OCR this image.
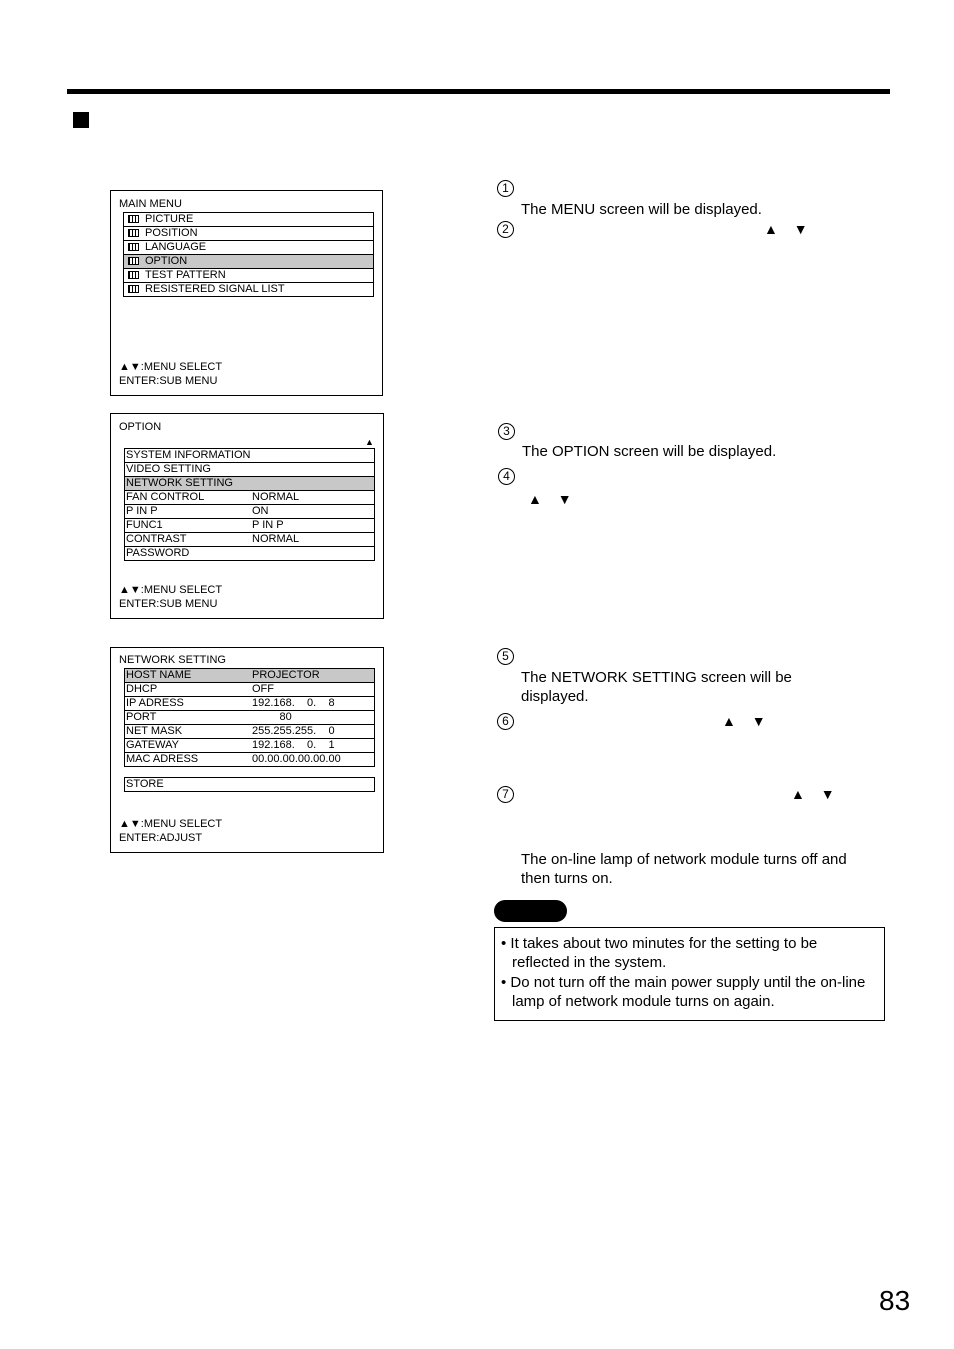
MAIN MENU
PICTURE
POSITION
LANGUAGE
OPTION
TEST PATTERN
RESISTERED SIGNAL LIST
▲▼:MENU SELECT
ENTER:SUB MENU
OPTION
▲
SYSTEM INFORMATION
VIDEO SETTING
NETWORK SETTING
FAN CONTROL	NORMAL
P IN P	ON
FUNC1	P IN P
CONTRAST	NORMAL
PASSWORD
▲▼:MENU SELECT
ENTER:SUB MENU
NETWORK SETTING
HOST NAME	PROJECTOR
DHCP	OFF
IP ADRESS	192.168.    0.    8
PORT	80
NET MASK	255.255.255.    0
GATEWAY	192.168.    0.    1
MAC ADRESS	00.00.00.00.00.00
STORE
▲▼:MENU SELECT
ENTER:ADJUST
1
The MENU screen will be displayed.
2	▲ ▼
3
The OPTION screen will be displayed.
4
▲ ▼
5
The NETWORK SETTING screen will be
displayed.
6	▲ ▼
7	▲ ▼
The on-line lamp of network module turns off and
then turns on.
• It takes about two minutes for the setting to be reflected in the system.
• Do not turn off the main power supply until the on-line lamp of network module turns on again.
83
